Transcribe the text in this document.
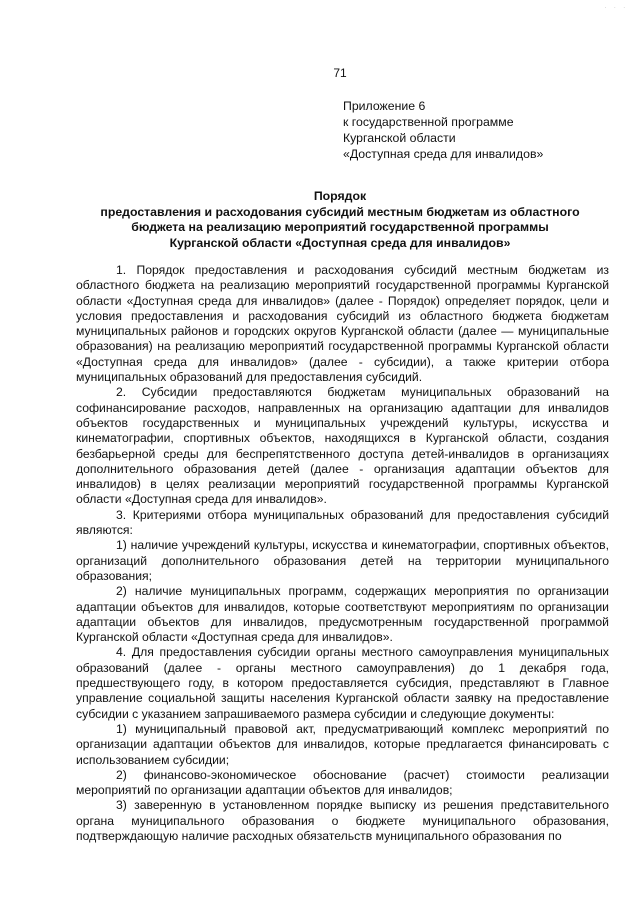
. . .
71
Приложение 6
к государственной программе
Курганской области
«Доступная среда для инвалидов»
Порядок
предоставления и расходования субсидий местным бюджетам из областного
бюджета на реализацию мероприятий государственной программы
Курганской области «Доступная среда для инвалидов»

1. Порядок предоставления и расходования субсидий местным бюджетам из областного бюджета на реализацию мероприятий государственной программы Курганской области «Доступная среда для инвалидов» (далее - Порядок) определяет порядок, цели и условия предоставления и расходования субсидий из областного бюджета бюджетам муниципальных районов и городских округов Курганской области (далее — муниципальные образования) на реализацию мероприятий государственной программы Курганской области «Доступная среда для инвалидов» (далее - субсидии), а также критерии отбора муниципальных образований для предоставления субсидий.

2. Субсидии предоставляются бюджетам муниципальных образований на софинансирование расходов, направленных на организацию адаптации для инвалидов объектов государственных и муниципальных учреждений культуры, искусства и кинематографии, спортивных объектов, находящихся в Курганской области, создания безбарьерной среды для беспрепятственного доступа детей-инвалидов в организациях дополнительного образования детей (далее - организация адаптации объектов для инвалидов) в целях реализации мероприятий государственной программы Курганской области «Доступная среда для инвалидов».

3. Критериями отбора муниципальных образований для предоставления субсидий являются:

1) наличие учреждений культуры, искусства и кинематографии, спортивных объектов, организаций дополнительного образования детей на территории муниципального образования;

2) наличие муниципальных программ, содержащих мероприятия по организации адаптации объектов для инвалидов, которые соответствуют мероприятиям по организации адаптации объектов для инвалидов, предусмотренным государственной программой Курганской области «Доступная среда для инвалидов».

4. Для предоставления субсидии органы местного самоуправления муниципальных образований (далее - органы местного самоуправления) до 1 декабря года, предшествующего году, в котором предоставляется субсидия, представляют в Главное управление социальной защиты населения Курганской области заявку на предоставление субсидии с указанием запрашиваемого размера субсидии и следующие документы:

1) муниципальный правовой акт, предусматривающий комплекс мероприятий по организации адаптации объектов для инвалидов, которые предлагается финансировать с использованием субсидии;

2) финансово-экономическое обоснование (расчет) стоимости реализации мероприятий по организации адаптации объектов для инвалидов;

3) заверенную в установленном порядке выписку из решения представительного органа муниципального образования о бюджете муниципального образования, подтверждающую наличие расходных обязательств муниципального образования по
